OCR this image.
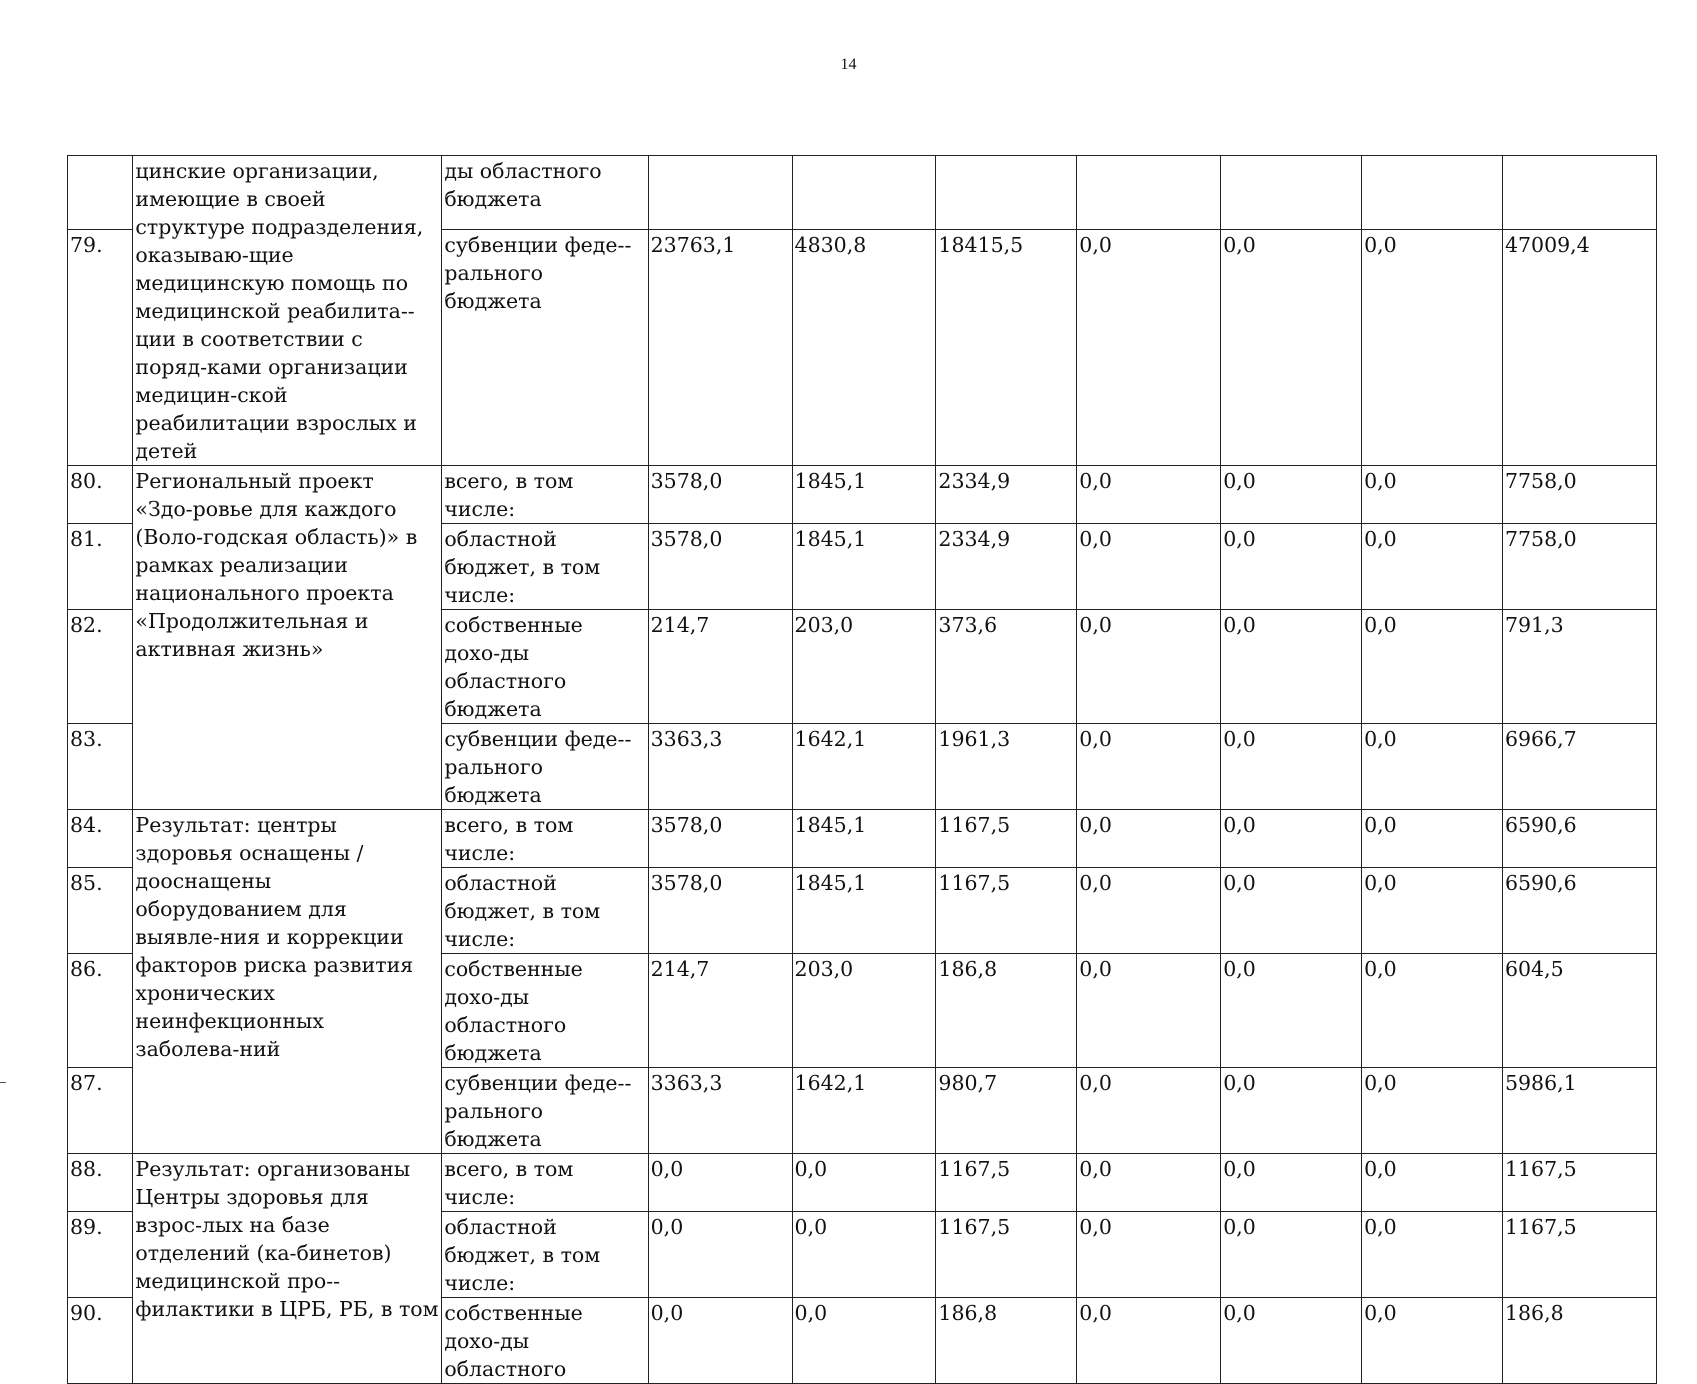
14
	цинские организации, имеющие в своей структуре подразделения, оказываю-щие медицинскую помощь по медицинской реабилита-ции в соответствии с поряд-ками организации медицин-ской реабилитации взрослых и детей	ды областного бюджета							
79.		субвенции феде-рального бюджета	23763,1	4830,8	18415,5	0,0	0,0	0,0	47009,4
80.	Региональный проект «Здо-ровье для каждого (Воло-годская область)» в рамках реализации национального проекта «Продолжительная и активная жизнь»	всего, в том числе:	3578,0	1845,1	2334,9	0,0	0,0	0,0	7758,0
81.		областной бюджет, в том числе:	3578,0	1845,1	2334,9	0,0	0,0	0,0	7758,0
82.		собственные дохо-ды областного бюджета	214,7	203,0	373,6	0,0	0,0	0,0	791,3
83.		субвенции феде-рального бюджета	3363,3	1642,1	1961,3	0,0	0,0	0,0	6966,7
84.	Результат: центры здоровья оснащены / дооснащены оборудованием для выявле-ния и коррекции факторов риска развития хронических неинфекционных заболева-ний	всего, в том числе:	3578,0	1845,1	1167,5	0,0	0,0	0,0	6590,6
85.		областной бюджет, в том числе:	3578,0	1845,1	1167,5	0,0	0,0	0,0	6590,6
86.		собственные дохо-ды областного бюджета	214,7	203,0	186,8	0,0	0,0	0,0	604,5
87.		субвенции феде-рального бюджета	3363,3	1642,1	980,7	0,0	0,0	0,0	5986,1
88.	Результат: организованы Центры здоровья для взрос-лых на базе отделений (ка-бинетов) медицинской про-филактики в ЦРБ, РБ, в том	всего, в том числе:	0,0	0,0	1167,5	0,0	0,0	0,0	1167,5
89.		областной бюджет, в том числе:	0,0	0,0	1167,5	0,0	0,0	0,0	1167,5
90.		собственные дохо-ды областного	0,0	0,0	186,8	0,0	0,0	0,0	186,8
